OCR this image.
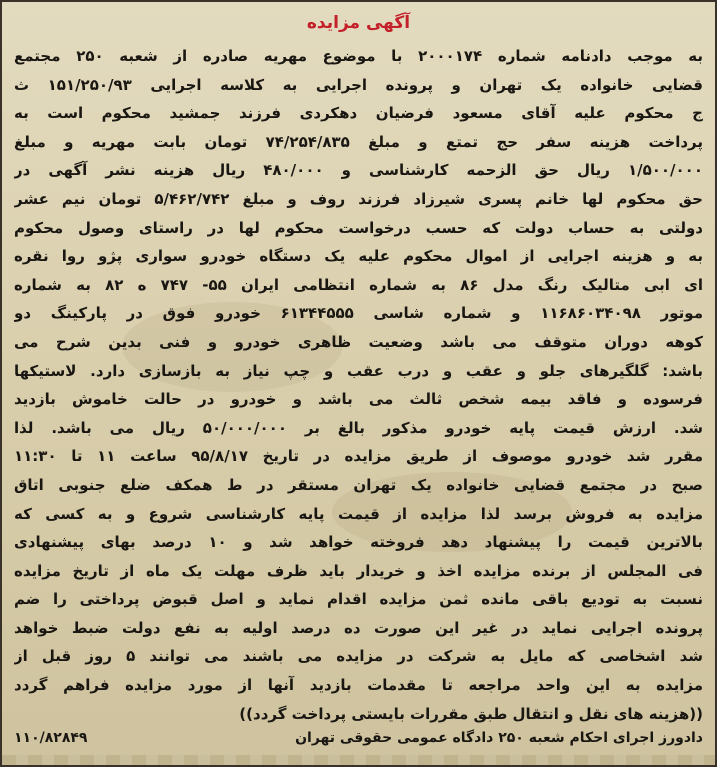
آگهی مزایده
به موجب دادنامه شماره ۲۰۰۰۱۷۴ با موضوع مهریه صادره از شعبه ۲۵۰ مجتمع
قضایی خانواده یک تهران و پرونده اجرایی به کلاسه اجرایی ۱۵۱/۲۵۰/۹۳ ث
ج محکوم علیه آقای مسعود فرضیان دهکردی فرزند جمشید محکوم است به
پرداخت هزینه سفر حج تمتع و مبلغ ۷۴/۲۵۴/۸۳۵ تومان بابت مهریه و مبلغ
۱/۵۰۰/۰۰۰ ریال حق الزحمه کارشناسی و ۴۸۰/۰۰۰ ریال هزینه نشر آگهی در
حق محکوم لها خانم پسری شیرزاد فرزند روف و مبلغ ۵/۴۶۲/۷۴۲ تومان نیم عشر
دولتی به حساب دولت که حسب درخواست محکوم لها در راستای وصول محکوم
به و هزینه اجرایی از اموال محکوم علیه یک دستگاه خودرو سواری پژو روا نقره
ای ابی متالیک رنگ مدل ۸۶ به شماره انتظامی ایران ۵۵- ۷۴۷ ه ۸۲ به شماره
موتور ۱۱۶۸۶۰۳۴۰۹۸ و شماره شاسی ۶۱۳۴۴۵۵۵ خودرو فوق در پارکینگ دو
کوهه دوران متوقف می باشد وضعیت ظاهری خودرو و فنی بدین شرح می
باشد: گلگیرهای جلو و عقب و درب عقب و چپ نیاز به بازسازی دارد. لاستیکها
فرسوده و فاقد بیمه شخص ثالث می باشد و خودرو در حالت خاموش بازدید
شد. ارزش قیمت پایه خودرو مذکور بالغ بر ۵۰/۰۰۰/۰۰۰ ریال می باشد. لذا
مقرر شد خودرو موصوف از طریق مزایده در تاریخ ۹۵/۸/۱۷ ساعت ۱۱ تا ۱۱:۳۰
صبح در مجتمع قضایی خانواده یک تهران مستقر در ط همکف ضلع جنوبی اتاق
مزایده به فروش برسد لذا مزایده از قیمت پایه کارشناسی شروع و به کسی که
بالاترین قیمت را پیشنهاد دهد فروخته خواهد شد و ۱۰ درصد بهای پیشنهادی
فی المجلس از برنده مزایده اخذ و خریدار باید ظرف مهلت یک ماه از تاریخ مزایده
نسبت به تودیع باقی مانده ثمن مزایده اقدام نماید و اصل قبوض پرداختی را ضم
پرونده اجرایی نماید در غیر این صورت ده درصد اولیه به نفع دولت ضبط خواهد
شد اشخاصی که مایل به شرکت در مزایده می باشند می توانند ۵ روز قبل از
مزایده به این واحد مراجعه تا مقدمات بازدید آنها از مورد مزایده فراهم گردد
((هزینه های نقل و انتقال طبق مقررات بایستی پرداخت گردد))
دادورز اجرای احکام شعبه ۲۵۰ دادگاه عمومی حقوقی تهران
۱۱۰/۸۲۸۴۹
